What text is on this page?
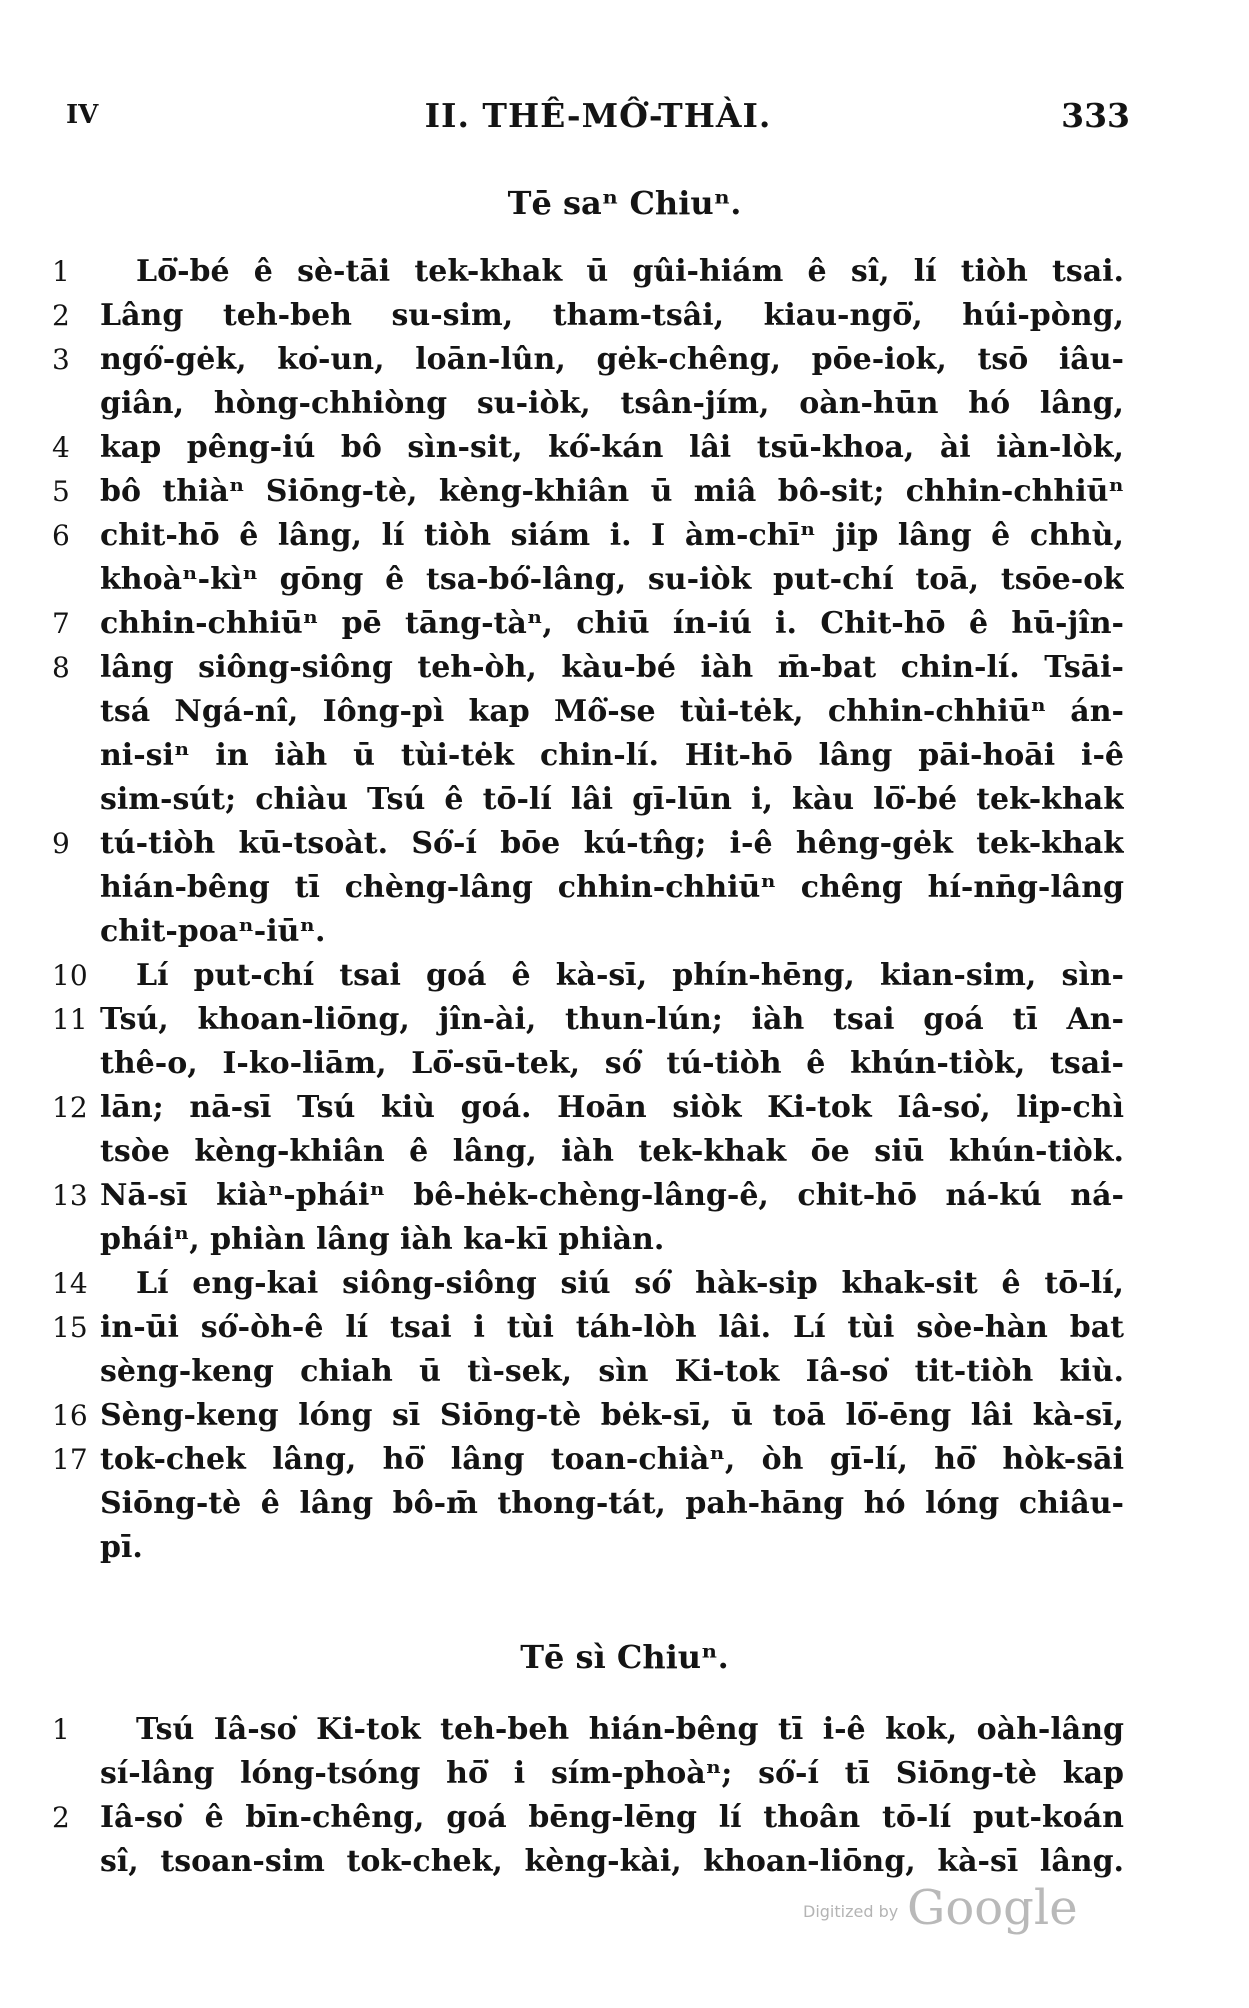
IV	II. THÊ-MÔ͘-THÀI.	333
Tē saⁿ Chiuⁿ.
1	Lō͘-bé ê sè-tāi tek-khak ū gûi-hiám ê sî, lí tiòh tsai.
2	Lâng teh-beh su-sim, tham-tsâi, kiau-ngō͘, húi-pòng,
3	ngó͘-gėk, ko͘-un, loān-lûn, gėk-chêng, pōe-iok, tsō iâu-
giân, hòng-chhiòng su-iòk, tsân-jím, oàn-hūn hó lâng,
4	kap pêng-iú bô sìn-sit, kó͘-kán lâi tsū-khoa, ài iàn-lòk,
5	bô thiàⁿ Siōng-tè, kèng-khiân ū miâ bô-sit; chhin-chhiūⁿ
6	chit-hō ê lâng, lí tiòh siám i. I àm-chīⁿ jip lâng ê chhù,
khoàⁿ-kìⁿ gōng ê tsa-bó͘-lâng, su-iòk put-chí toā, tsōe-ok
7	chhin-chhiūⁿ pē tāng-tàⁿ, chiū ín-iú i. Chit-hō ê hū-jîn-
8	lâng siông-siông teh-òh, kàu-bé iàh m̄-bat chin-lí. Tsāi-
tsá Ngá-nî, Iông-pì kap Mô͘-se tùi-tėk, chhin-chhiūⁿ án-
ni-siⁿ in iàh ū tùi-tėk chin-lí. Hit-hō lâng pāi-hoāi i-ê
sim-sút; chiàu Tsú ê tō-lí lâi gī-lūn i, kàu lō͘-bé tek-khak
9	tú-tiòh kū-tsoàt. Só͘-í bōe kú-tn̂g; i-ê hêng-gėk tek-khak
hián-bêng tī chèng-lâng chhin-chhiūⁿ chêng hí-nn̄g-lâng
chit-poaⁿ-iūⁿ.
10 Lí put-chí tsai goá ê kà-sī, phín-hēng, kian-sim, sìn-
11 Tsú, khoan-liōng, jîn-ài, thun-lún; iàh tsai goá tī An-
thê-o, I-ko-liām, Lō͘-sū-tek, só͘ tú-tiòh ê khún-tiòk, tsai-
12 lān; nā-sī Tsú kiù goá. Hoān siòk Ki-tok Iâ-so͘, lip-chì
tsòe kèng-khiân ê lâng, iàh tek-khak ōe siū khún-tiòk.
13 Nā-sī kiàⁿ-pháiⁿ bê-hėk-chèng-lâng-ê, chit-hō ná-kú ná-
pháiⁿ, phiàn lâng iàh ka-kī phiàn.
14 Lí eng-kai siông-siông siú só͘ hàk-sip khak-sit ê tō-lí,
15 in-ūi só͘-òh-ê lí tsai i tùi táh-lòh lâi. Lí tùi sòe-hàn bat
sèng-keng chiah ū tì-sek, sìn Ki-tok Iâ-so͘ tit-tiòh kiù.
16 Sèng-keng lóng sī Siōng-tè bėk-sī, ū toā lō͘-ēng lâi kà-sī,
17 tok-chek lâng, hō͘ lâng toan-chiàⁿ, òh gī-lí, hō͘ hòk-sāi
Siōng-tè ê lâng bô-m̄ thong-tát, pah-hāng hó lóng chiâu-
pī.
Tē sì Chiuⁿ.
1	Tsú Iâ-so͘ Ki-tok teh-beh hián-bêng tī i-ê kok, oàh-lâng
sí-lâng lóng-tsóng hō͘ i sím-phoàⁿ; só͘-í tī Siōng-tè kap
2	Iâ-so͘ ê bīn-chêng, goá bēng-lēng lí thoân tō-lí put-koán
sî, tsoan-sim tok-chek, kèng-kài, khoan-liōng, kà-sī lâng.
Digitized by Google
